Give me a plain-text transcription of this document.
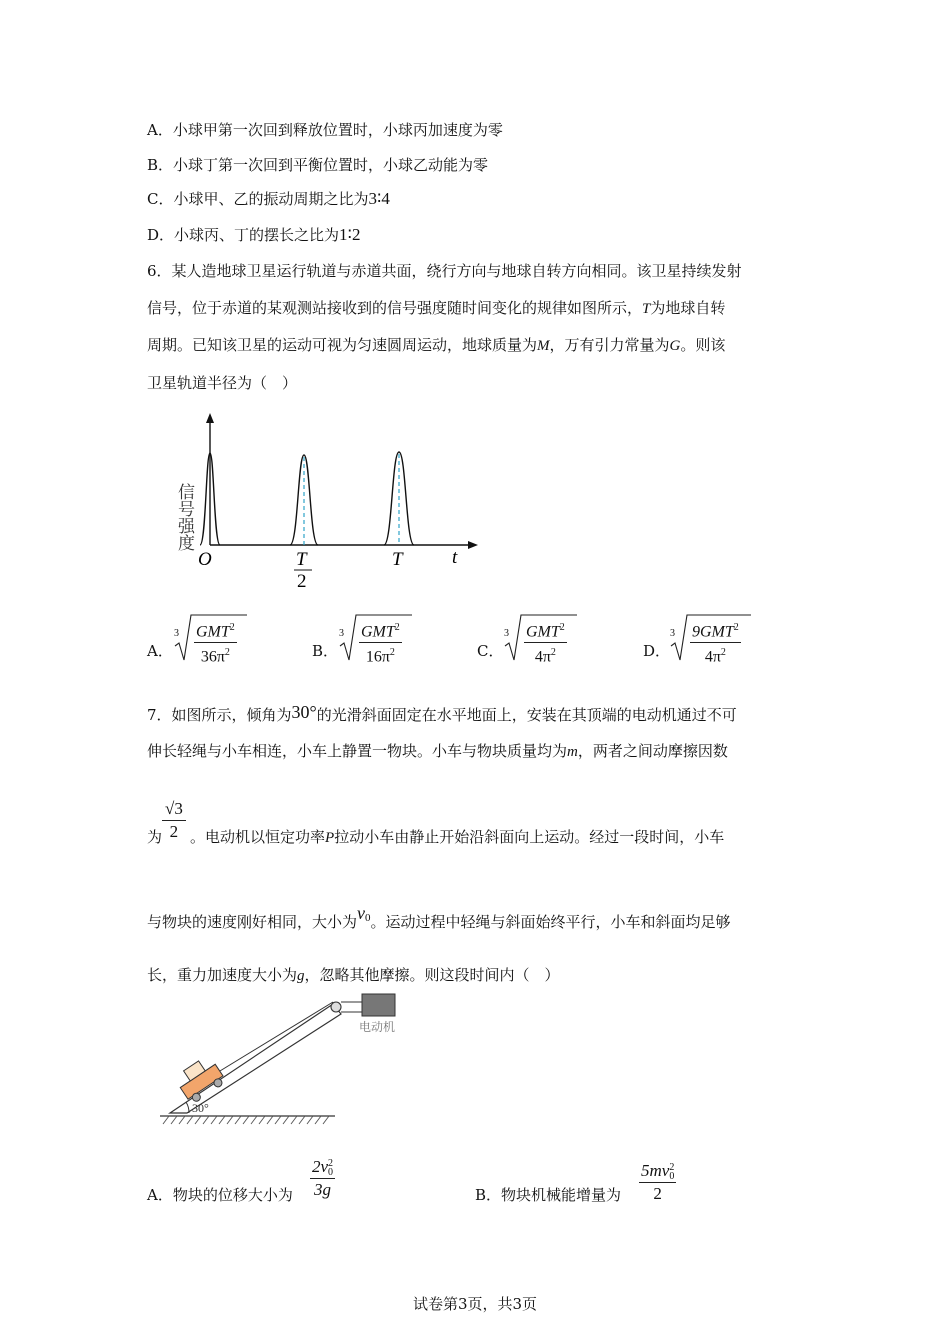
A．小球甲第一次回到释放位置时，小球丙加速度为零
B．小球丁第一次回到平衡位置时，小球乙动能为零
C．小球甲、乙的振动周期之比为3∶4
D．小球丙、丁的摆长之比为1∶2
6．某人造地球卫星运行轨道与赤道共面，绕行方向与地球自转方向相同。该卫星持续发射
信号，位于赤道的某观测站接收到的信号强度随时间变化的规律如图所示，T为地球自转
周期。已知该卫星的运动可视为匀速圆周运动，地球质量为M，万有引力常量为G。则该
卫星轨道半径为（　）
信号强度
t
O	T
2
T
A．
3 GMT$^2$
$36\pi^2$	B．
3 GMT$^2$
$16\pi^2$	C．
3 GMT$^2$
$4\pi^2$	D．
3 9GMT$^2$
$4\pi^2$
7．如图所示，倾角为30°的光滑斜面固定在水平地面上，安装在其顶端的电动机通过不可
伸长轻绳与小车相连，小车上静置一物块。小车与物块质量均为m，两者之间动摩擦因数
$\frac{√3}{2}$
为 。电动机以恒定功率P拉动小车由静止开始沿斜面向上运动。经过一段时间，小车
与物块的速度刚好相同，大小为$v^0$。运动过程中轻绳与斜面始终平行，小车和斜面均足够
长，重力加速度大小为g，忽略其他摩擦。则这段时间内（　）
电动机
30°
A．物块的位移大小为 2v 2
0
3g	B．物块机械能增量为 5mv 2
0
2
试卷第3页，共3页
